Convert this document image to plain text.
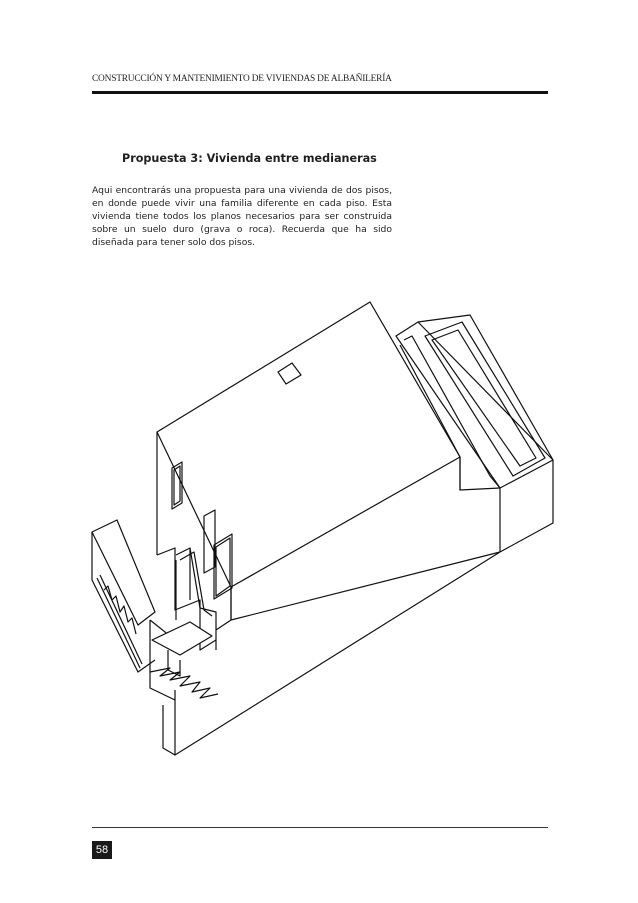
CONSTRUCCIÓN Y MANTENIMIENTO DE VIVIENDAS DE ALBAÑILERÍA
Propuesta 3: Vivienda entre medianeras

Aqui encontrarás una propuesta para una vivienda de dos pisos, en donde puede vivir una familia diferente en cada piso. Esta vivienda tiene todos los planos necesarios para ser construida sobre un suelo duro (grava o roca). Recuerda que ha sido diseñada para tener solo dos pisos.

58
